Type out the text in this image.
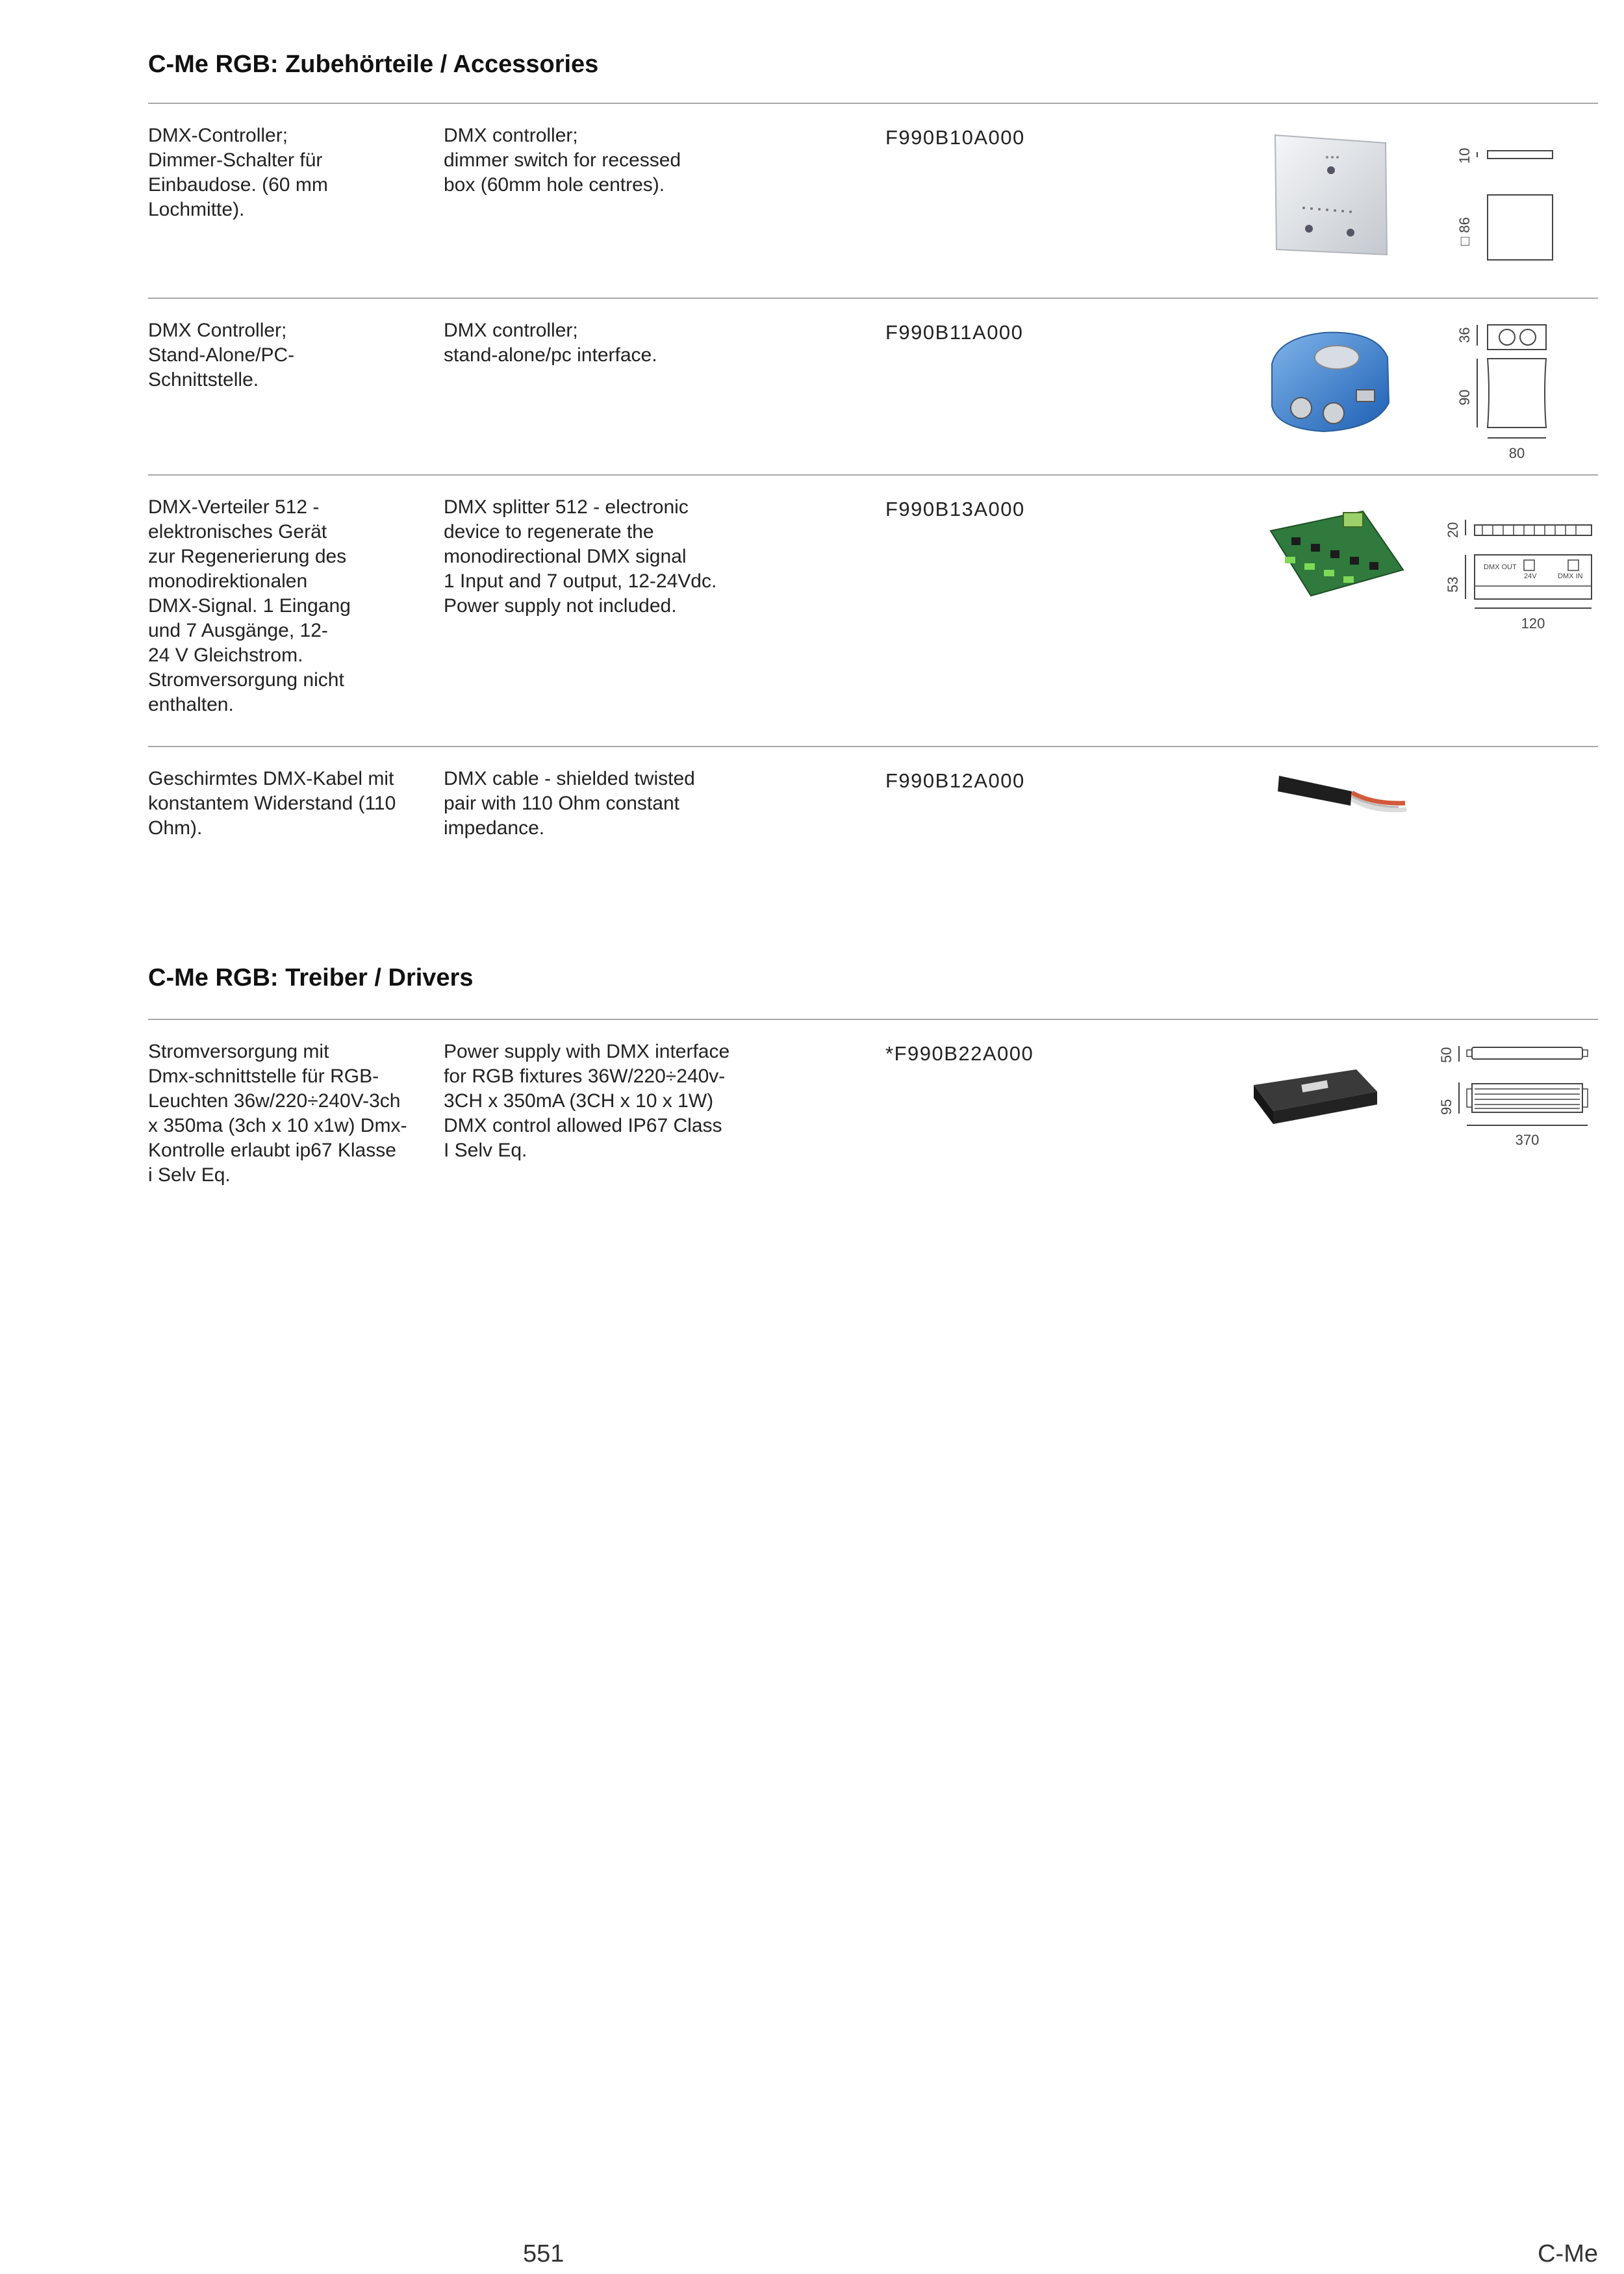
C-Me RGB: Zubehörteile / Accessories
DMX-Controller;
Dimmer-Schalter für
Einbaudose. (60 mm
Lochmitte).
DMX controller;
dimmer switch for recessed
box (60mm hole centres).
F990B10A000
10
□ 86
DMX Controller;
Stand-Alone/PC-
Schnittstelle.
DMX controller;
stand-alone/pc interface.
F990B11A000	36
90
80
DMX-Verteiler 512 -
elektronisches Gerät
zur Regenerierung des
monodirektionalen
DMX-Signal. 1 Eingang
und 7 Ausgänge, 12-
24 V Gleichstrom.
Stromversorgung nicht
enthalten.
DMX splitter 512 - electronic
device to regenerate the
monodirectional DMX signal
1 Input and 7 output, 12-24Vdc.
Power supply not included.
F990B13A000
20
53
DMX OUT
24V	DMX IN
120
Geschirmtes DMX-Kabel mit
konstantem Widerstand (110
Ohm).
DMX cable - shielded twisted
pair with 110 Ohm constant
impedance.
F990B12A000
C-Me RGB: Treiber / Drivers
Stromversorgung mit
Dmx-schnittstelle für RGB-
Leuchten 36w/220÷240V-3ch
x 350ma (3ch x 10 x1w) Dmx-
Kontrolle erlaubt ip67 Klasse
i Selv Eq.
Power supply with DMX interface
for RGB fixtures 36W/220÷240v-
3CH x 350mA (3CH x 10 x 1W)
DMX control allowed IP67 Class
I Selv Eq.
*F990B22A000	50
95
370
551	C-Me
